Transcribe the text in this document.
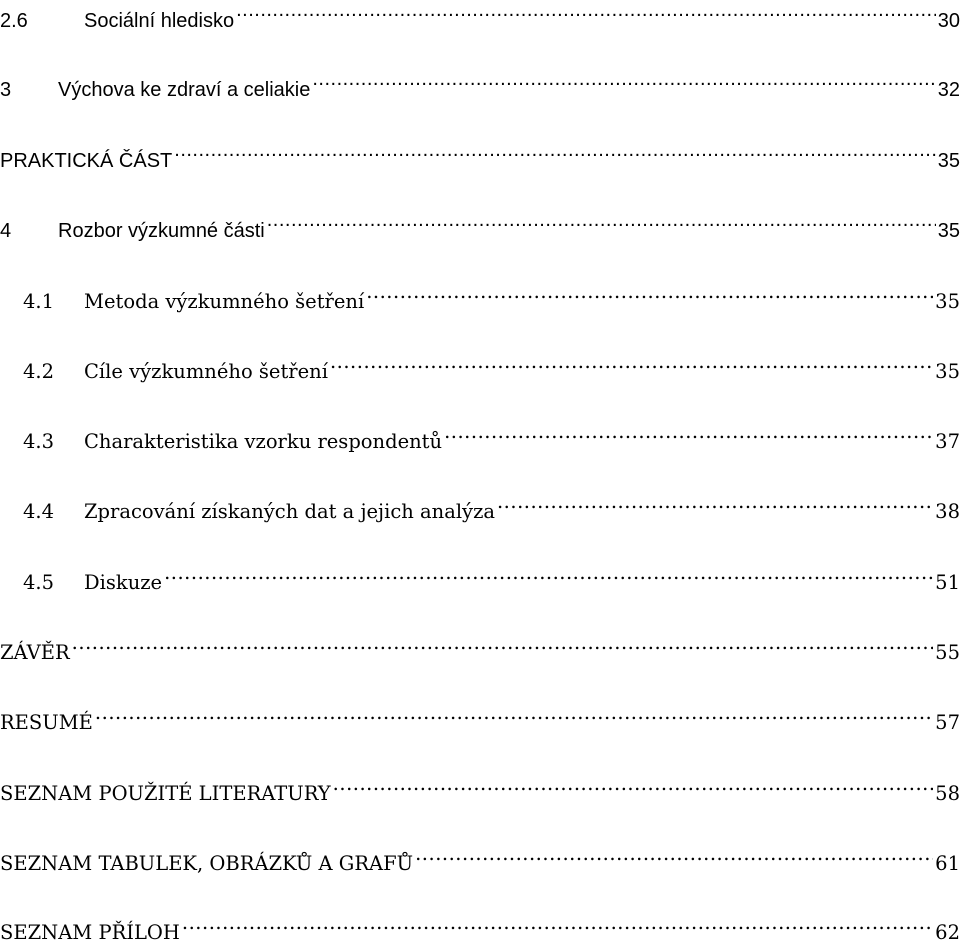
2.6	Sociální hledisko .....	30
3 Výchova ke zdraví a celiakie .....	32
PRAKTICKÁ ČÁST .....	35
4 Rozbor výzkumné části .....	35
4.1	Metoda výzkumného šetření .....	35
4.2	Cíle výzkumného šetření .....	35
4.3	Charakteristika vzorku respondentů .....	37
4.4	Zpracování získaných dat a jejich analýza .....	38
4.5	Diskuze .....	51
ZÁVĚR .....	55
RESUMÉ .....	57
SEZNAM POUŽITÉ LITERATURY .....	58
SEZNAM TABULEK, OBRÁZKŮ A GRAFŮ .....	61
SEZNAM PŘÍLOH .....	62
